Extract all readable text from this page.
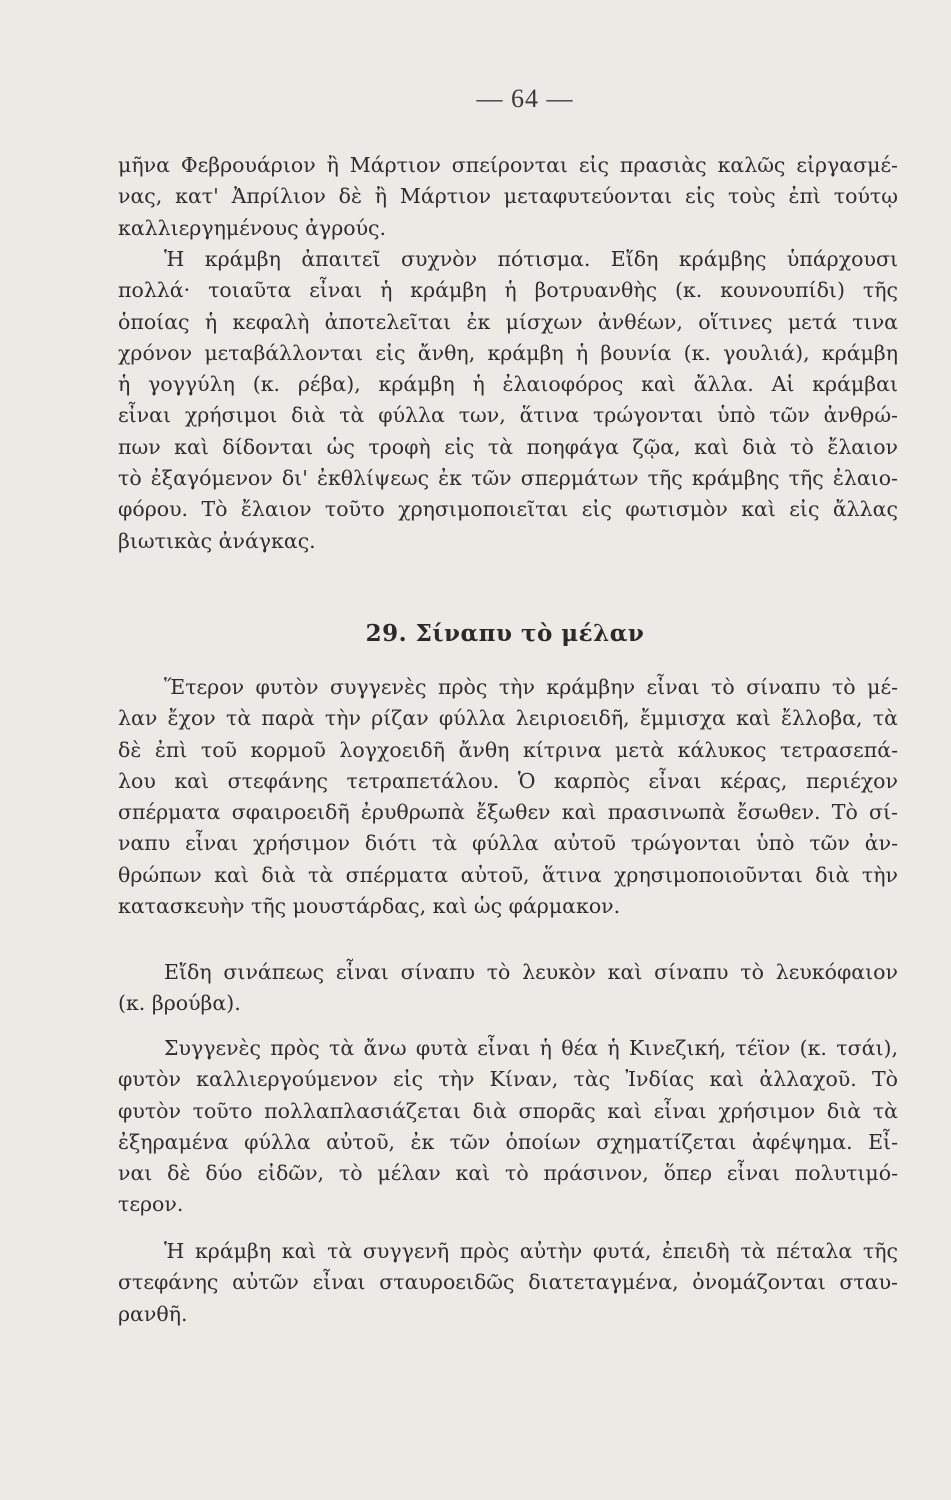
— 64 —
μῆνα Φεβρουάριον ἢ Μάρτιον σπείρονται εἰς πρασιὰς καλῶς εἰργασμέ-
νας, κατ' Ἀπρίλιον δὲ ἢ Μάρτιον μεταφυτεύονται εἰς τοὺς ἐπὶ τούτῳ
καλλιεργημένους ἀγρούς.
Ἡ κράμβη ἀπαιτεῖ συχνὸν πότισμα. Εἴδη κράμβης ὑπάρχουσι
πολλά· τοιαῦτα εἶναι ἡ κράμβη ἡ βοτρυανθὴς (κ. κουνουπίδι) τῆς
ὁποίας ἡ κεφαλὴ ἀποτελεῖται ἐκ μίσχων ἀνθέων, οἵτινες μετά τινα
χρόνον μεταβάλλονται εἰς ἄνθη, κράμβη ἡ βουνία (κ. γουλιά), κράμβη
ἡ γογγύλη (κ. ρέβα), κράμβη ἡ ἐλαιοφόρος καὶ ἄλλα. Αἱ κράμβαι
εἶναι χρήσιμοι διὰ τὰ φύλλα των, ἅτινα τρώγονται ὑπὸ τῶν ἀνθρώ-
πων καὶ δίδονται ὡς τροφὴ εἰς τὰ ποηφάγα ζῷα, καὶ διὰ τὸ ἔλαιον
τὸ ἐξαγόμενον δι' ἐκθλίψεως ἐκ τῶν σπερμάτων τῆς κράμβης τῆς ἐλαιο-
φόρου. Τὸ ἔλαιον τοῦτο χρησιμοποιεῖται εἰς φωτισμὸν καὶ εἰς ἄλλας
βιωτικὰς ἀνάγκας.
29. Σίναπυ τὸ μέλαν
Ἕτερον φυτὸν συγγενὲς πρὸς τὴν κράμβην εἶναι τὸ σίναπυ τὸ μέ-
λαν ἔχον τὰ παρὰ τὴν ρίζαν φύλλα λειριοειδῆ, ἔμμισχα καὶ ἔλλοβα, τὰ
δὲ ἐπὶ τοῦ κορμοῦ λογχοειδῆ ἄνθη κίτρινα μετὰ κάλυκος τετρασεπά-
λου καὶ στεφάνης τετραπετάλου. Ὁ καρπὸς εἶναι κέρας, περιέχον
σπέρματα σφαιροειδῆ ἐρυθρωπὰ ἔξωθεν καὶ πρασινωπὰ ἔσωθεν. Τὸ σί-
ναπυ εἶναι χρήσιμον διότι τὰ φύλλα αὐτοῦ τρώγονται ὑπὸ τῶν ἀν-
θρώπων καὶ διὰ τὰ σπέρματα αὐτοῦ, ἅτινα χρησιμοποιοῦνται διὰ τὴν
κατασκευὴν τῆς μουστάρδας, καὶ ὡς φάρμακον.
Εἴδη σινάπεως εἶναι σίναπυ τὸ λευκὸν καὶ σίναπυ τὸ λευκόφαιον
(κ. βρούβα).
Συγγενὲς πρὸς τὰ ἄνω φυτὰ εἶναι ἡ θέα ἡ Κινεζική, τέϊον (κ. τσάι),
φυτὸν καλλιεργούμενον εἰς τὴν Κίναν, τὰς Ἰνδίας καὶ ἀλλαχοῦ. Τὸ
φυτὸν τοῦτο πολλαπλασιάζεται διὰ σπορᾶς καὶ εἶναι χρήσιμον διὰ τὰ
ἐξηραμένα φύλλα αὐτοῦ, ἐκ τῶν ὁποίων σχηματίζεται ἀφέψημα. Εἶ-
ναι δὲ δύο εἰδῶν, τὸ μέλαν καὶ τὸ πράσινον, ὅπερ εἶναι πολυτιμό-
τερον.
Ἡ κράμβη καὶ τὰ συγγενῆ πρὸς αὐτὴν φυτά, ἐπειδὴ τὰ πέταλα τῆς
στεφάνης αὐτῶν εἶναι σταυροειδῶς διατεταγμένα, ὀνομάζονται σταυ-
ρανθῆ.
